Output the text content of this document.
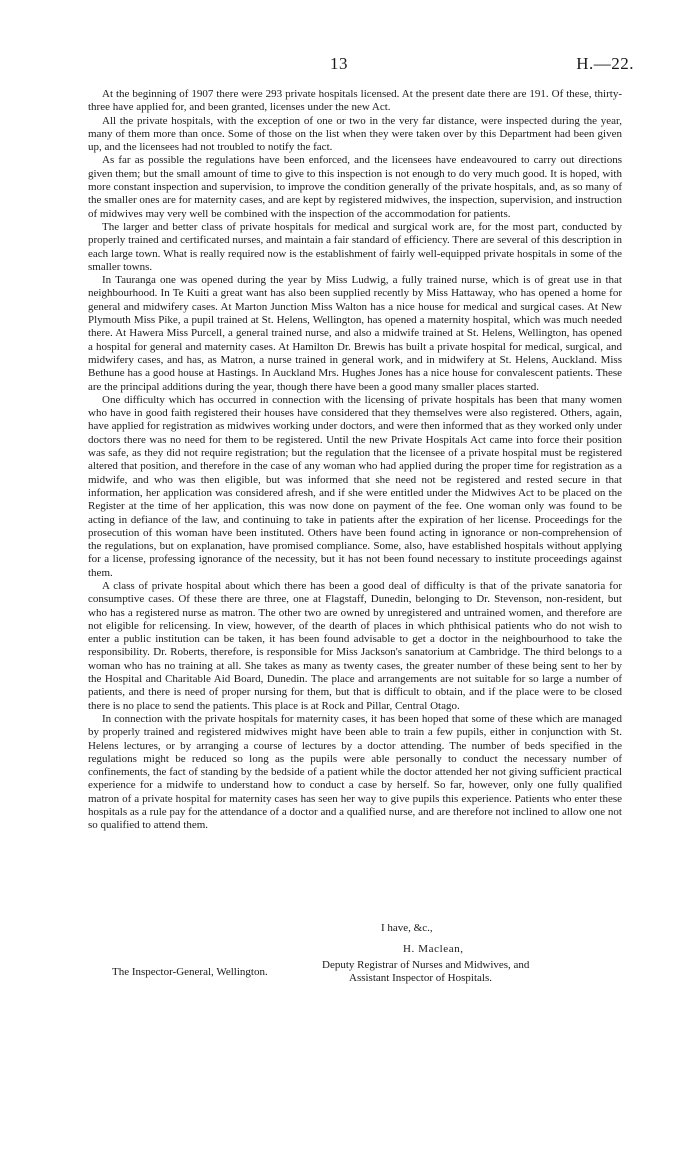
13	H.—22.

At the beginning of 1907 there were 293 private hospitals licensed. At the present date there are 191. Of these, thirty-three have applied for, and been granted, licenses under the new Act.

All the private hospitals, with the exception of one or two in the very far distance, were inspected during the year, many of them more than once. Some of those on the list when they were taken over by this Department had been given up, and the licensees had not troubled to notify the fact.

As far as possible the regulations have been enforced, and the licensees have endeavoured to carry out directions given them; but the small amount of time to give to this inspection is not enough to do very much good. It is hoped, with more constant inspection and supervision, to improve the condition generally of the private hospitals, and, as so many of the smaller ones are for maternity cases, and are kept by registered midwives, the inspection, supervision, and instruction of midwives may very well be combined with the inspection of the accommodation for patients.

The larger and better class of private hospitals for medical and surgical work are, for the most part, conducted by properly trained and certificated nurses, and maintain a fair standard of efficiency. There are several of this description in each large town. What is really required now is the establishment of fairly well-equipped private hospitals in some of the smaller towns.

In Tauranga one was opened during the year by Miss Ludwig, a fully trained nurse, which is of great use in that neighbourhood. In Te Kuiti a great want has also been supplied recently by Miss Hattaway, who has opened a home for general and midwifery cases. At Marton Junction Miss Walton has a nice house for medical and surgical cases. At New Plymouth Miss Pike, a pupil trained at St. Helens, Wellington, has opened a maternity hospital, which was much needed there. At Hawera Miss Purcell, a general trained nurse, and also a midwife trained at St. Helens, Wellington, has opened a hospital for general and maternity cases. At Hamilton Dr. Brewis has built a private hospital for medical, surgical, and midwifery cases, and has, as Matron, a nurse trained in general work, and in midwifery at St. Helens, Auckland. Miss Bethune has a good house at Hastings. In Auckland Mrs. Hughes Jones has a nice house for convalescent patients. These are the principal additions during the year, though there have been a good many smaller places started.

One difficulty which has occurred in connection with the licensing of private hospitals has been that many women who have in good faith registered their houses have considered that they themselves were also registered. Others, again, have applied for registration as midwives working under doctors, and were then informed that as they worked only under doctors there was no need for them to be registered. Until the new Private Hospitals Act came into force their position was safe, as they did not require registration; but the regulation that the licensee of a private hospital must be registered altered that position, and therefore in the case of any woman who had applied during the proper time for registration as a midwife, and who was then eligible, but was informed that she need not be registered and rested secure in that information, her application was considered afresh, and if she were entitled under the Midwives Act to be placed on the Register at the time of her application, this was now done on payment of the fee. One woman only was found to be acting in defiance of the law, and continuing to take in patients after the expiration of her license. Proceedings for the prosecution of this woman have been instituted. Others have been found acting in ignorance or non-comprehension of the regulations, but on explanation, have promised compliance. Some, also, have established hospitals without applying for a license, professing ignorance of the necessity, but it has not been found necessary to institute proceedings against them.

A class of private hospital about which there has been a good deal of difficulty is that of the private sanatoria for consumptive cases. Of these there are three, one at Flagstaff, Dunedin, belonging to Dr. Stevenson, non-resident, but who has a registered nurse as matron. The other two are owned by unregistered and untrained women, and therefore are not eligible for relicensing. In view, however, of the dearth of places in which phthisical patients who do not wish to enter a public institution can be taken, it has been found advisable to get a doctor in the neighbourhood to take the responsibility. Dr. Roberts, therefore, is responsible for Miss Jackson's sanatorium at Cambridge. The third belongs to a woman who has no training at all. She takes as many as twenty cases, the greater number of these being sent to her by the Hospital and Charitable Aid Board, Dunedin. The place and arrangements are not suitable for so large a number of patients, and there is need of proper nursing for them, but that is difficult to obtain, and if the place were to be closed there is no place to send the patients. This place is at Rock and Pillar, Central Otago.

In connection with the private hospitals for maternity cases, it has been hoped that some of these which are managed by properly trained and registered midwives might have been able to train a few pupils, either in conjunction with St. Helens lectures, or by arranging a course of lectures by a doctor attending. The number of beds specified in the regulations might be reduced so long as the pupils were able personally to conduct the necessary number of confinements, the fact of standing by the bedside of a patient while the doctor attended her not giving sufficient practical experience for a midwife to understand how to conduct a case by herself. So far, however, only one fully qualified matron of a private hospital for maternity cases has seen her way to give pupils this experience. Patients who enter these hospitals as a rule pay for the attendance of a doctor and a qualified nurse, and are therefore not inclined to allow one not so qualified to attend them.

I have, &c.,
H. Maclean,
Deputy Registrar of Nurses and Midwives, and
Assistant Inspector of Hospitals.
The Inspector-General, Wellington.
